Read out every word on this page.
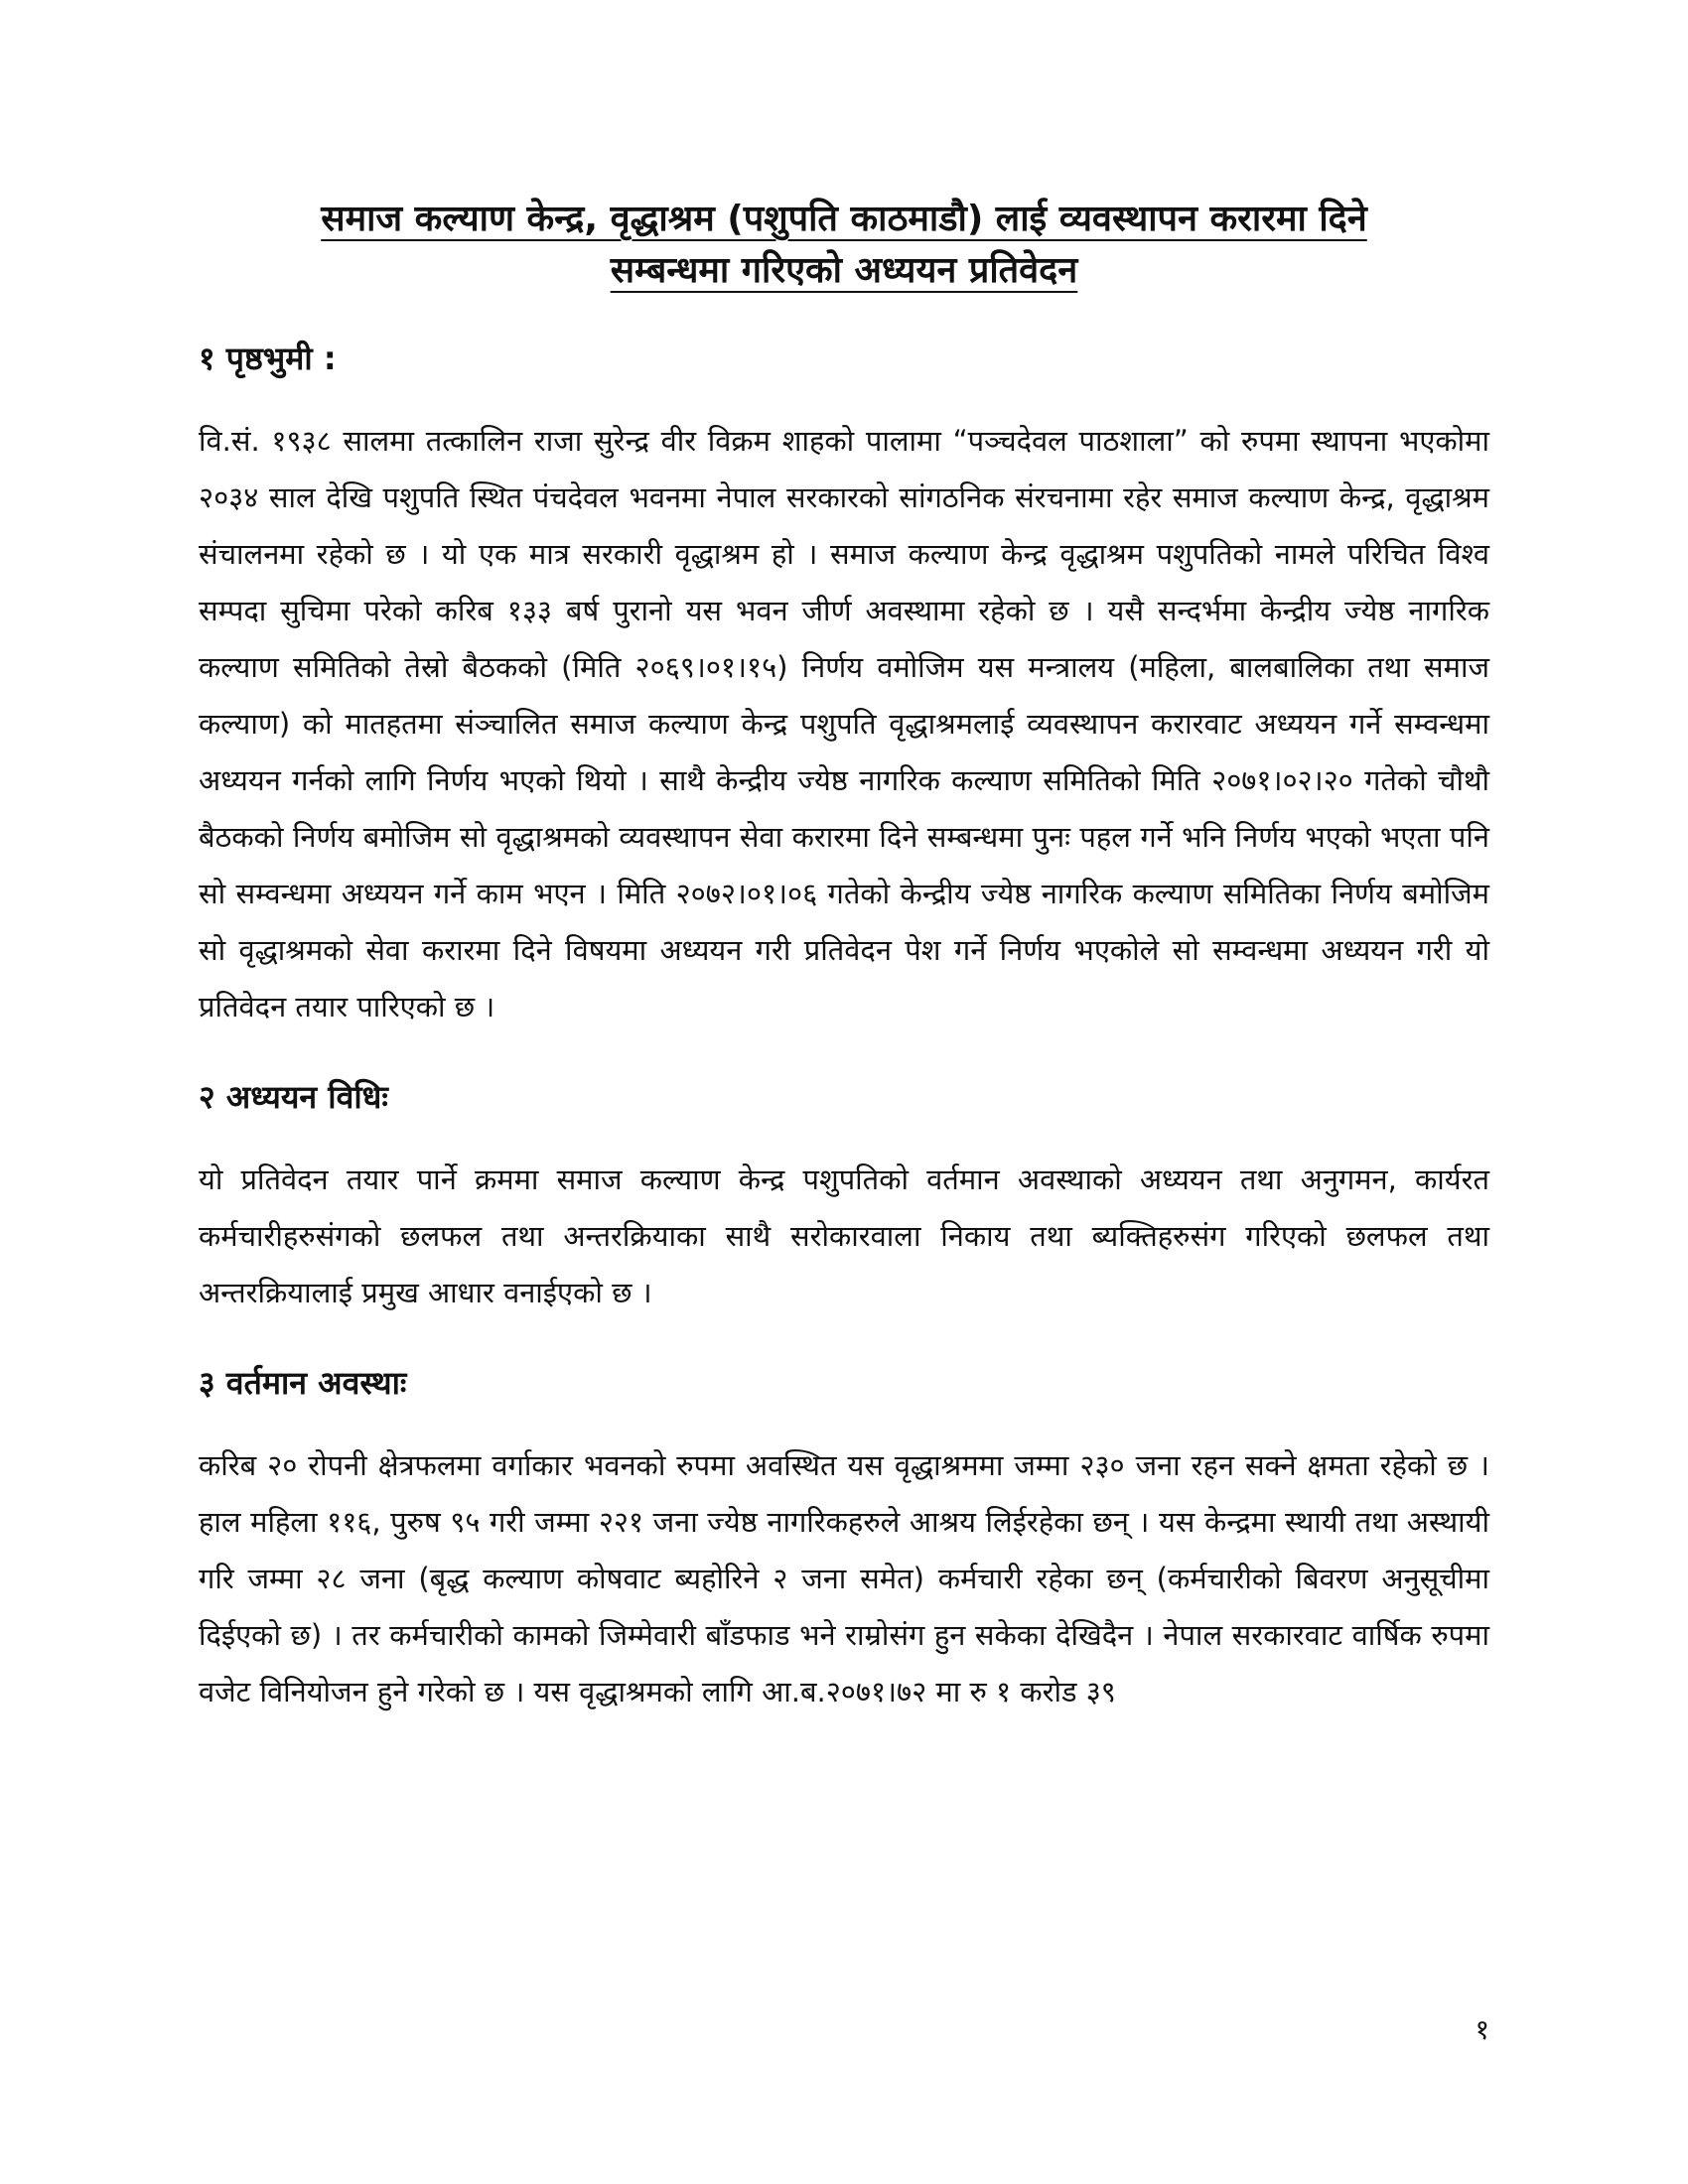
समाज कल्याण केन्द्र, वृद्धाश्रम (पशुपति काठमाडौ) लाई व्यवस्थापन करारमा दिने
सम्बन्धमा गरिएको अध्ययन प्रतिवेदन
१ पृष्ठभुमी :
वि.सं. १९३८ सालमा तत्कालिन राजा सुरेन्द्र वीर विक्रम शाहको पालामा “पञ्चदेवल पाठशाला” को रुपमा स्थापना भएकोमा २०३४ साल देखि पशुपति स्थित पंचदेवल भवनमा नेपाल सरकारको सांगठनिक संरचनामा रहेर समाज कल्याण केन्द्र, वृद्धाश्रम संचालनमा रहेको छ । यो एक मात्र सरकारी वृद्धाश्रम हो । समाज कल्याण केन्द्र वृद्धाश्रम पशुपतिको नामले परिचित विश्व सम्पदा सुचिमा परेको करिब १३३ बर्ष पुरानो यस भवन जीर्ण अवस्थामा रहेको छ । यसै सन्दर्भमा केन्द्रीय ज्येष्ठ नागरिक कल्याण समितिको तेस्रो बैठकको (मिति २०६९।०१।१५) निर्णय वमोजिम यस मन्त्रालय (महिला, बालबालिका तथा समाज कल्याण) को मातहतमा संञ्चालित समाज कल्याण केन्द्र पशुपति वृद्धाश्रमलाई व्यवस्थापन करारवाट अध्ययन गर्ने सम्वन्धमा अध्ययन गर्नको लागि निर्णय भएको थियो । साथै केन्द्रीय ज्येष्ठ नागरिक कल्याण समितिको मिति २०७१।०२।२० गतेको चौथौ बैठकको निर्णय बमोजिम सो वृद्धाश्रमको व्यवस्थापन सेवा करारमा दिने सम्बन्धमा पुनः पहल गर्ने भनि निर्णय भएको भएता पनि सो सम्वन्धमा अध्ययन गर्ने काम भएन । मिति २०७२।०१।०६ गतेको केन्द्रीय ज्येष्ठ नागरिक कल्याण समितिका निर्णय बमोजिम सो वृद्धाश्रमको सेवा करारमा दिने विषयमा अध्ययन गरी प्रतिवेदन पेश गर्ने निर्णय भएकोले सो सम्वन्धमा अध्ययन गरी यो प्रतिवेदन तयार पारिएको छ ।
२ अध्ययन विधिः
यो प्रतिवेदन तयार पार्ने क्रममा समाज कल्याण केन्द्र पशुपतिको वर्तमान अवस्थाको अध्ययन तथा अनुगमन, कार्यरत कर्मचारीहरुसंगको छलफल तथा अन्तरक्रियाका साथै सरोकारवाला निकाय तथा ब्यक्तिहरुसंग गरिएको छलफल तथा अन्तरक्रियालाई प्रमुख आधार वनाईएको छ ।
३ वर्तमान अवस्थाः
करिब २० रोपनी क्षेत्रफलमा वर्गाकार भवनको रुपमा अवस्थित यस वृद्धाश्रममा जम्मा २३० जना रहन सक्ने क्षमता रहेको छ । हाल महिला ११६, पुरुष ९५ गरी जम्मा २२१ जना ज्येष्ठ नागरिकहरुले आश्रय लिईरहेका छन् । यस केन्द्रमा स्थायी तथा अस्थायी गरि जम्मा २८ जना (बृद्ध कल्याण कोषवाट ब्यहोरिने २ जना समेत) कर्मचारी रहेका छन् (कर्मचारीको बिवरण अनुसूचीमा दिईएको छ) । तर कर्मचारीको कामको जिम्मेवारी बाँडफाड भने राम्रोसंग हुन सकेका देखिदैन । नेपाल सरकारवाट वार्षिक रुपमा वजेट विनियोजन हुने गरेको छ । यस वृद्धाश्रमको लागि आ.ब.२०७१।७२ मा रु १ करोड ३९
१
